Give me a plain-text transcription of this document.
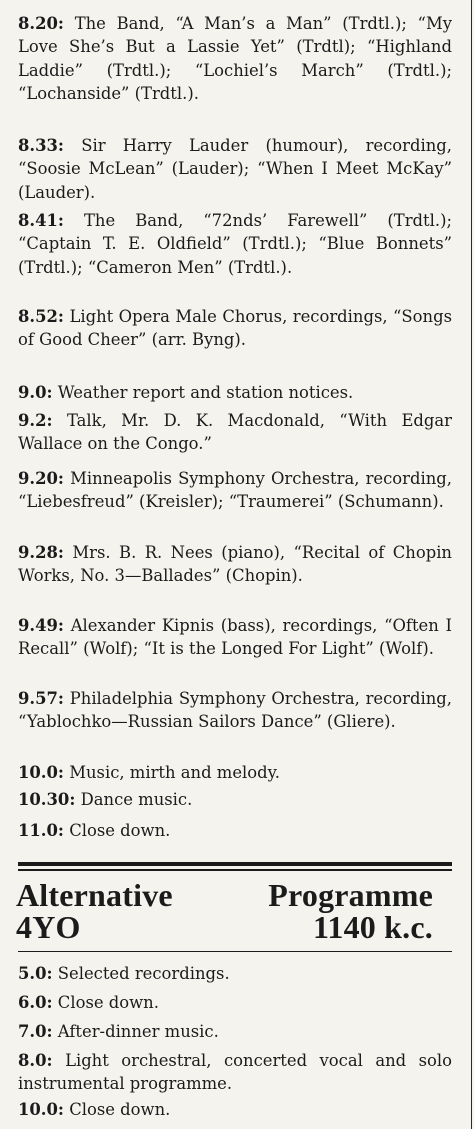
8.20: The Band, “A Man’s a Man” (Trdtl.); “My Love She’s But a Lassie Yet” (Trdtl); “Highland Laddie” (Trdtl.); “Lochiel’s March” (Trdtl.); “Lochanside” (Trdtl.).

8.33: Sir Harry Lauder (humour), recording, “Soosie McLean” (Lauder); “When I Meet McKay” (Lauder).

8.41: The Band, “72nds’ Farewell” (Trdtl.); “Captain T. E. Oldfield” (Trdtl.); “Blue Bonnets” (Trdtl.); “Cameron Men” (Trdtl.).

8.52: Light Opera Male Chorus, recordings, “Songs of Good Cheer” (arr. Byng).

9.0: Weather report and station notices.

9.2: Talk, Mr. D. K. Macdonald, “With Edgar Wallace on the Congo.”

9.20: Minneapolis Symphony Orchestra, recording, “Liebesfreud” (Kreisler); “Traumerei” (Schumann).

9.28: Mrs. B. R. Nees (piano), “Recital of Chopin Works, No. 3—Ballades” (Chopin).

9.49: Alexander Kipnis (bass), recordings, “Often I Recall” (Wolf); “It is the Longed For Light” (Wolf).

9.57: Philadelphia Symphony Orchestra, recording, “Yablochko—Russian Sailors Dance” (Gliere).

10.0: Music, mirth and melody.

10.30: Dance music.

11.0: Close down.

Alternative
4YO
Programme
1140 k.c.

5.0: Selected recordings.

6.0: Close down.

7.0: After-dinner music.

8.0: Light orchestral, concerted vocal and solo instrumental programme.

10.0: Close down.
